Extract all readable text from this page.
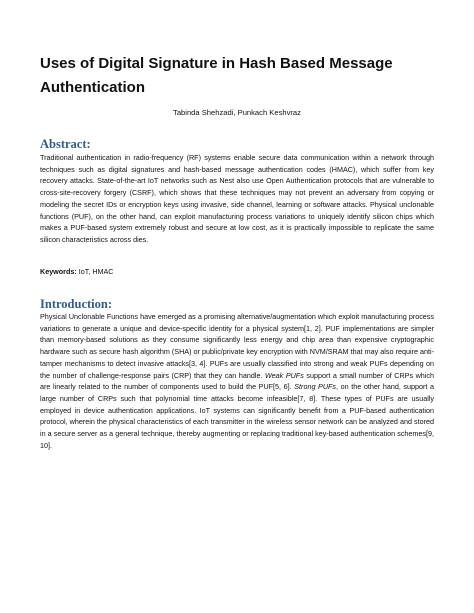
Uses of Digital Signature in Hash Based Message Authentication
Tabinda Shehzadi, Punkach Keshvraz
Abstract:

Traditional authentication in radio-frequency (RF) systems enable secure data communication within a network through techniques such as digital signatures and hash-based message authentication codes (HMAC), which suffer from key recovery attacks. State-of-the-art IoT networks such as Nest also use Open Authentication protocols that are vulnerable to cross-site-recovery forgery (CSRF), which shows that these techniques may not prevent an adversary from copying or modeling the secret IDs or encryption keys using invasive, side channel, learning or software attacks. Physical unclonable functions (PUF), on the other hand, can exploit manufacturing process variations to uniquely identify silicon chips which makes a PUF-based system extremely robust and secure at low cost, as it is practically impossible to replicate the same silicon characteristics across dies.

Keywords: IoT, HMAC
Introduction:

Physical Unclonable Functions have emerged as a promising alternative/augmentation which exploit manufacturing process variations to generate a unique and device-specific identity for a physical system[1, 2]. PUF implementations are simpler than memory-based solutions as they consume significantly less energy and chip area than expensive cryptographic hardware such as secure hash algorithm (SHA) or public/private key encryption with NVM/SRAM that may also require anti-tamper mechanisms to detect invasive attacks[3, 4]. PUFs are usually classified into strong and weak PUFs depending on the number of challenge-response pairs (CRP) that they can handle. Weak PUFs support a small number of CRPs which are linearly related to the number of components used to build the PUF[5, 6]. Strong PUFs, on the other hand, support a large number of CRPs such that polynomial time attacks become infeasible[7, 8]. These types of PUFs are usually employed in device authentication applications. IoT systems can significantly benefit from a PUF-based authentication protocol, wherein the physical characteristics of each transmitter in the wireless sensor network can be analyzed and stored in a secure server as a general technique, thereby augmenting or replacing traditional key-based authentication schemes[9, 10].
